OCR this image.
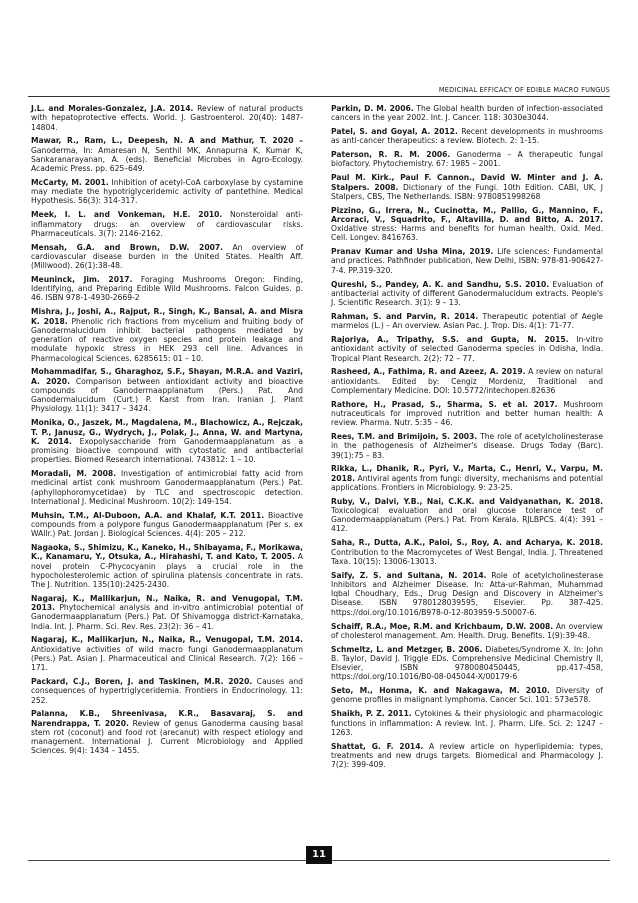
MEDICINAL EFFICACY OF EDIBLE MACRO FUNGUS

J.L. and Morales-Gonzalez, J.A. 2014. Review of natural products with hepatoprotective effects. World. J. Gastroenterol. 20(40): 1487-14804.

Mawar, R., Ram, L., Deepesh, N. A and Mathur, T. 2020 – Ganoderma, In: Amaresan N, Senthil MK, Annapurna K, Kumar K, Sankaranarayanan, A. (eds). Beneficial Microbes in Agro-Ecology. Academic Press. pp. 625–649.

McCarty, M. 2001. Inhibition of acetyl-CoA carboxylase by cystamine may mediate the hypotriglyceridemic activity of pantethine. Medical Hypothesis. 56(3): 314-317.

Meek, I. L. and Vonkeman, H.E. 2010. Nonsteroidal anti-inflammatory drugs: an overview of cardiovascular risks. Pharmaceuticals. 3(7): 2146-2162.

Mensah, G.A. and Brown, D.W. 2007. An overview of cardiovascular disease burden in the United States. Health Aff. (Millwood). 26(1):38-48.

Meuninck, Jim. 2017. Foraging Mushrooms Oregon: Finding, Identifying, and Preparing Edible Wild Mushrooms. Falcon Guides. p. 46. ISBN 978-1-4930-2669-2

Mishra, J., Joshi, A., Rajput, R., Singh, K., Bansal, A. and Misra K. 2018. Phenolic rich fractions from mycelium and fruiting body of Ganodermalucidum inhibit bacterial pathogens mediated by generation of reactive oxygen species and protein leakage and modulate hypoxic stress in HEK 293 cell line. Advances in Pharmacological Sciences. 6285615: 01 – 10.

Mohammadifar, S., Gharaghoz, S.F., Shayan, M.R.A. and Vaziri, A. 2020. Comparison between antioxidant activity and bioactive compounds of Ganodermaapplanatum (Pers.) Pat. And Ganodermalucidum (Curt.) P. Karst from Iran. Iranian J. Plant Physiology. 11(1): 3417 – 3424.

Monika, O., Jaszek, M., Magdalena, M., Blachowicz, A., Rejczak, T. P., Janusz, G., Wydrych, J., Polak, J., Anna, W. and Martyna, K. 2014. Exopolysaccharide from Ganodermaapplanatum as a promising bioactive compound with cytostatic and antibacterial properties. Biomed Research international. 743812: 1 – 10.

Moradali, M. 2008. Investigation of antimicrobial fatty acid from medicinal artist conk mushroom Ganodermaapplanatum (Pers.) Pat. (aphyllophoromycetidae) by TLC and spectroscopic detection. International J. Medicinal Mushroom. 10(2): 149-154.

Muhsin, T.M., Al-Duboon, A.A. and Khalaf, K.T. 2011. Bioactive compounds from a polypore fungus Ganodermaapplanatum (Per s. ex WAllr.) Pat. Jordan J. Biological Sciences. 4(4): 205 – 212.

Nagaoka, S., Shimizu, K., Kaneko, H., Shibayama, F., Morikawa, K., Kanamaru, Y., Otsuka, A., Hirahashi, T. and Kato, T. 2005. A novel protein C-Phycocyanin plays a crucial role in the hypocholesterolemic action of spirulina platensis concentrate in rats. The J. Nutrition. 135(10):2425-2430.

Nagaraj, K., Mallikarjun, N., Naika, R. and Venugopal, T.M. 2013. Phytochemical analysis and in-vitro antimicrobial potential of Ganodermaapplanatum (Pers.) Pat. Of Shivamogga district-Karnataka, India. Int. J. Pharm. Sci. Rev. Res. 23(2): 36 – 41.

Nagaraj, K., Mallikarjun, N., Naika, R., Venugopal, T.M. 2014. Antioxidative activities of wild macro fungi Ganodermaapplanatum (Pers.) Pat. Asian J. Pharmaceutical and Clinical Research. 7(2): 166 – 171.

Packard, C.J., Boren, J. and Taskinen, M.R. 2020. Causes and consequences of hypertriglyceridemia. Frontiers in Endocrinology. 11: 252.

Palanna, K.B., Shreenivasa, K.R., Basavaraj, S. and Narendrappa, T. 2020. Review of genus Ganoderma causing basal stem rot (coconut) and food rot (arecanut) with respect etiology and management. International J. Current Microbiology and Applied Sciences. 9(4): 1434 – 1455.

Parkin, D. M. 2006. The Global health burden of infection-associated cancers in the year 2002. Int. J. Cancer. 118: 3030e3044.

Patel, S. and Goyal, A. 2012. Recent developments in mushrooms as anti-cancer therapeutics: a review. Biotech. 2: 1-15.

Paterson, R. R. M. 2006. Ganoderma – A therapeutic fungal biofactory. Phytochemistry. 67: 1985 – 2001.

Paul M. Kirk., Paul F. Cannon., David W. Minter and J. A. Stalpers. 2008. Dictionary of the Fungi. 10th Edition. CABI, UK, J Stalpers, CBS, The Netherlands. ISBN: 9780851998268

Pizzino, G., Irrera, N., Cucinotta, M., Pallio, G., Mannino, F., Arcoraci, V., Squadrito, F., Altavilla, D. and Bitto, A. 2017. Oxidative stress: Harms and benefits for human health. Oxid. Med. Cell. Longev. 8416763.

Pranav Kumar and Usha Mina, 2019. Life sciences: Fundamental and practices. Pathfinder publication, New Delhi, ISBN: 978-81-906427-7-4. PP.319-320.

Qureshi, S., Pandey, A. K. and Sandhu, S.S. 2010. Evaluation of antibacterial activity of different Ganodermalucidum extracts. People's J. Scientific Research. 3(1): 9 – 13.

Rahman, S. and Parvin, R. 2014. Therapeutic potential of Aegle marmelos (L.) – An overview. Asian Pac. J. Trop. Dis. 4(1): 71-77.

Rajoriya, A., Tripathy, S.S. and Gupta, N. 2015. In-vitro antioxidant activity of selected Ganoderma species in Odisha, India. Tropical Plant Research. 2(2): 72 – 77.

Rasheed, A., Fathima, R. and Azeez, A. 2019. A review on natural antioxidants. Edited by: Cengiz Mordeniz, Traditional and Complementary Medicine. DOI: 10.5772/intechopen.82636

Rathore, H., Prasad, S., Sharma, S. et al. 2017. Mushroom nutraceuticals for improved nutrition and better human health: A review. Pharma. Nutr. 5:35 – 46.

Rees, T.M. and Brimijoin, S. 2003. The role of acetylcholinesterase in the pathogenesis of Alzheimer's disease. Drugs Today (Barc). 39(1):75 – 83.

Rikka, L., Dhanik, R., Pyri, V., Marta, C., Henri, V., Varpu, M. 2018. Antiviral agents from fungi: diversity, mechanisms and potential applications. Frontiers in Microbiology. 9: 23-25.

Ruby, V., Dalvi, Y.B., Nai, C.K.K. and Vaidyanathan, K. 2018. Toxicological evaluation and oral glucose tolerance test of Ganodermaapplanatum (Pers.) Pat. From Kerala. RJLBPCS. 4(4): 391 – 412.

Saha, R., Dutta, A.K., Paloi, S., Roy, A. and Acharya, K. 2018. Contribution to the Macromycetes of West Bengal, India. J. Threatened Taxa. 10(15): 13006-13013.

Saify, Z. S. and Sultana, N. 2014. Role of acetylcholinesterase Inhibitors and Alzheimer Disease. In: Atta-ur-Rahman, Muhammad Iqbal Choudhary, Eds., Drug Design and Discovery in Alzheimer's Disease. ISBN 9780128039595, Elsevier. Pp. 387-425. https://doi.org/10.1016/B978-0-12-803959-5.50007-6.

Schaiff, R.A., Moe, R.M. and Krichbaum, D.W. 2008. An overview of cholesterol management. Am. Health. Drug. Benefits. 1(9):39-48.

Schmeltz, L. and Metzger, B. 2006. Diabetes/Syndrome X. In: John B. Taylor, David J. Triggle EDs. Comprehensive Medicinal Chemistry II, Elsevier, ISBN 9780080450445, pp.417-458, https://doi.org/10.1016/B0-08-045044-X/00179-6

Seto, M., Honma, K. and Nakagawa, M. 2010. Diversity of genome profiles in malignant lymphoma. Cancer Sci. 101: 573e578.

Shaikh, P. Z. 2011. Cytokines & their physiologic and pharmacologic functions in inflammation: A review. Int. J. Pharm. Life. Sci. 2: 1247 – 1263.

Shattat, G. F. 2014. A review article on hyperlipidemia: types, treatments and new drugs targets. Biomedical and Pharmacology J. 7(2): 399-409.

11
